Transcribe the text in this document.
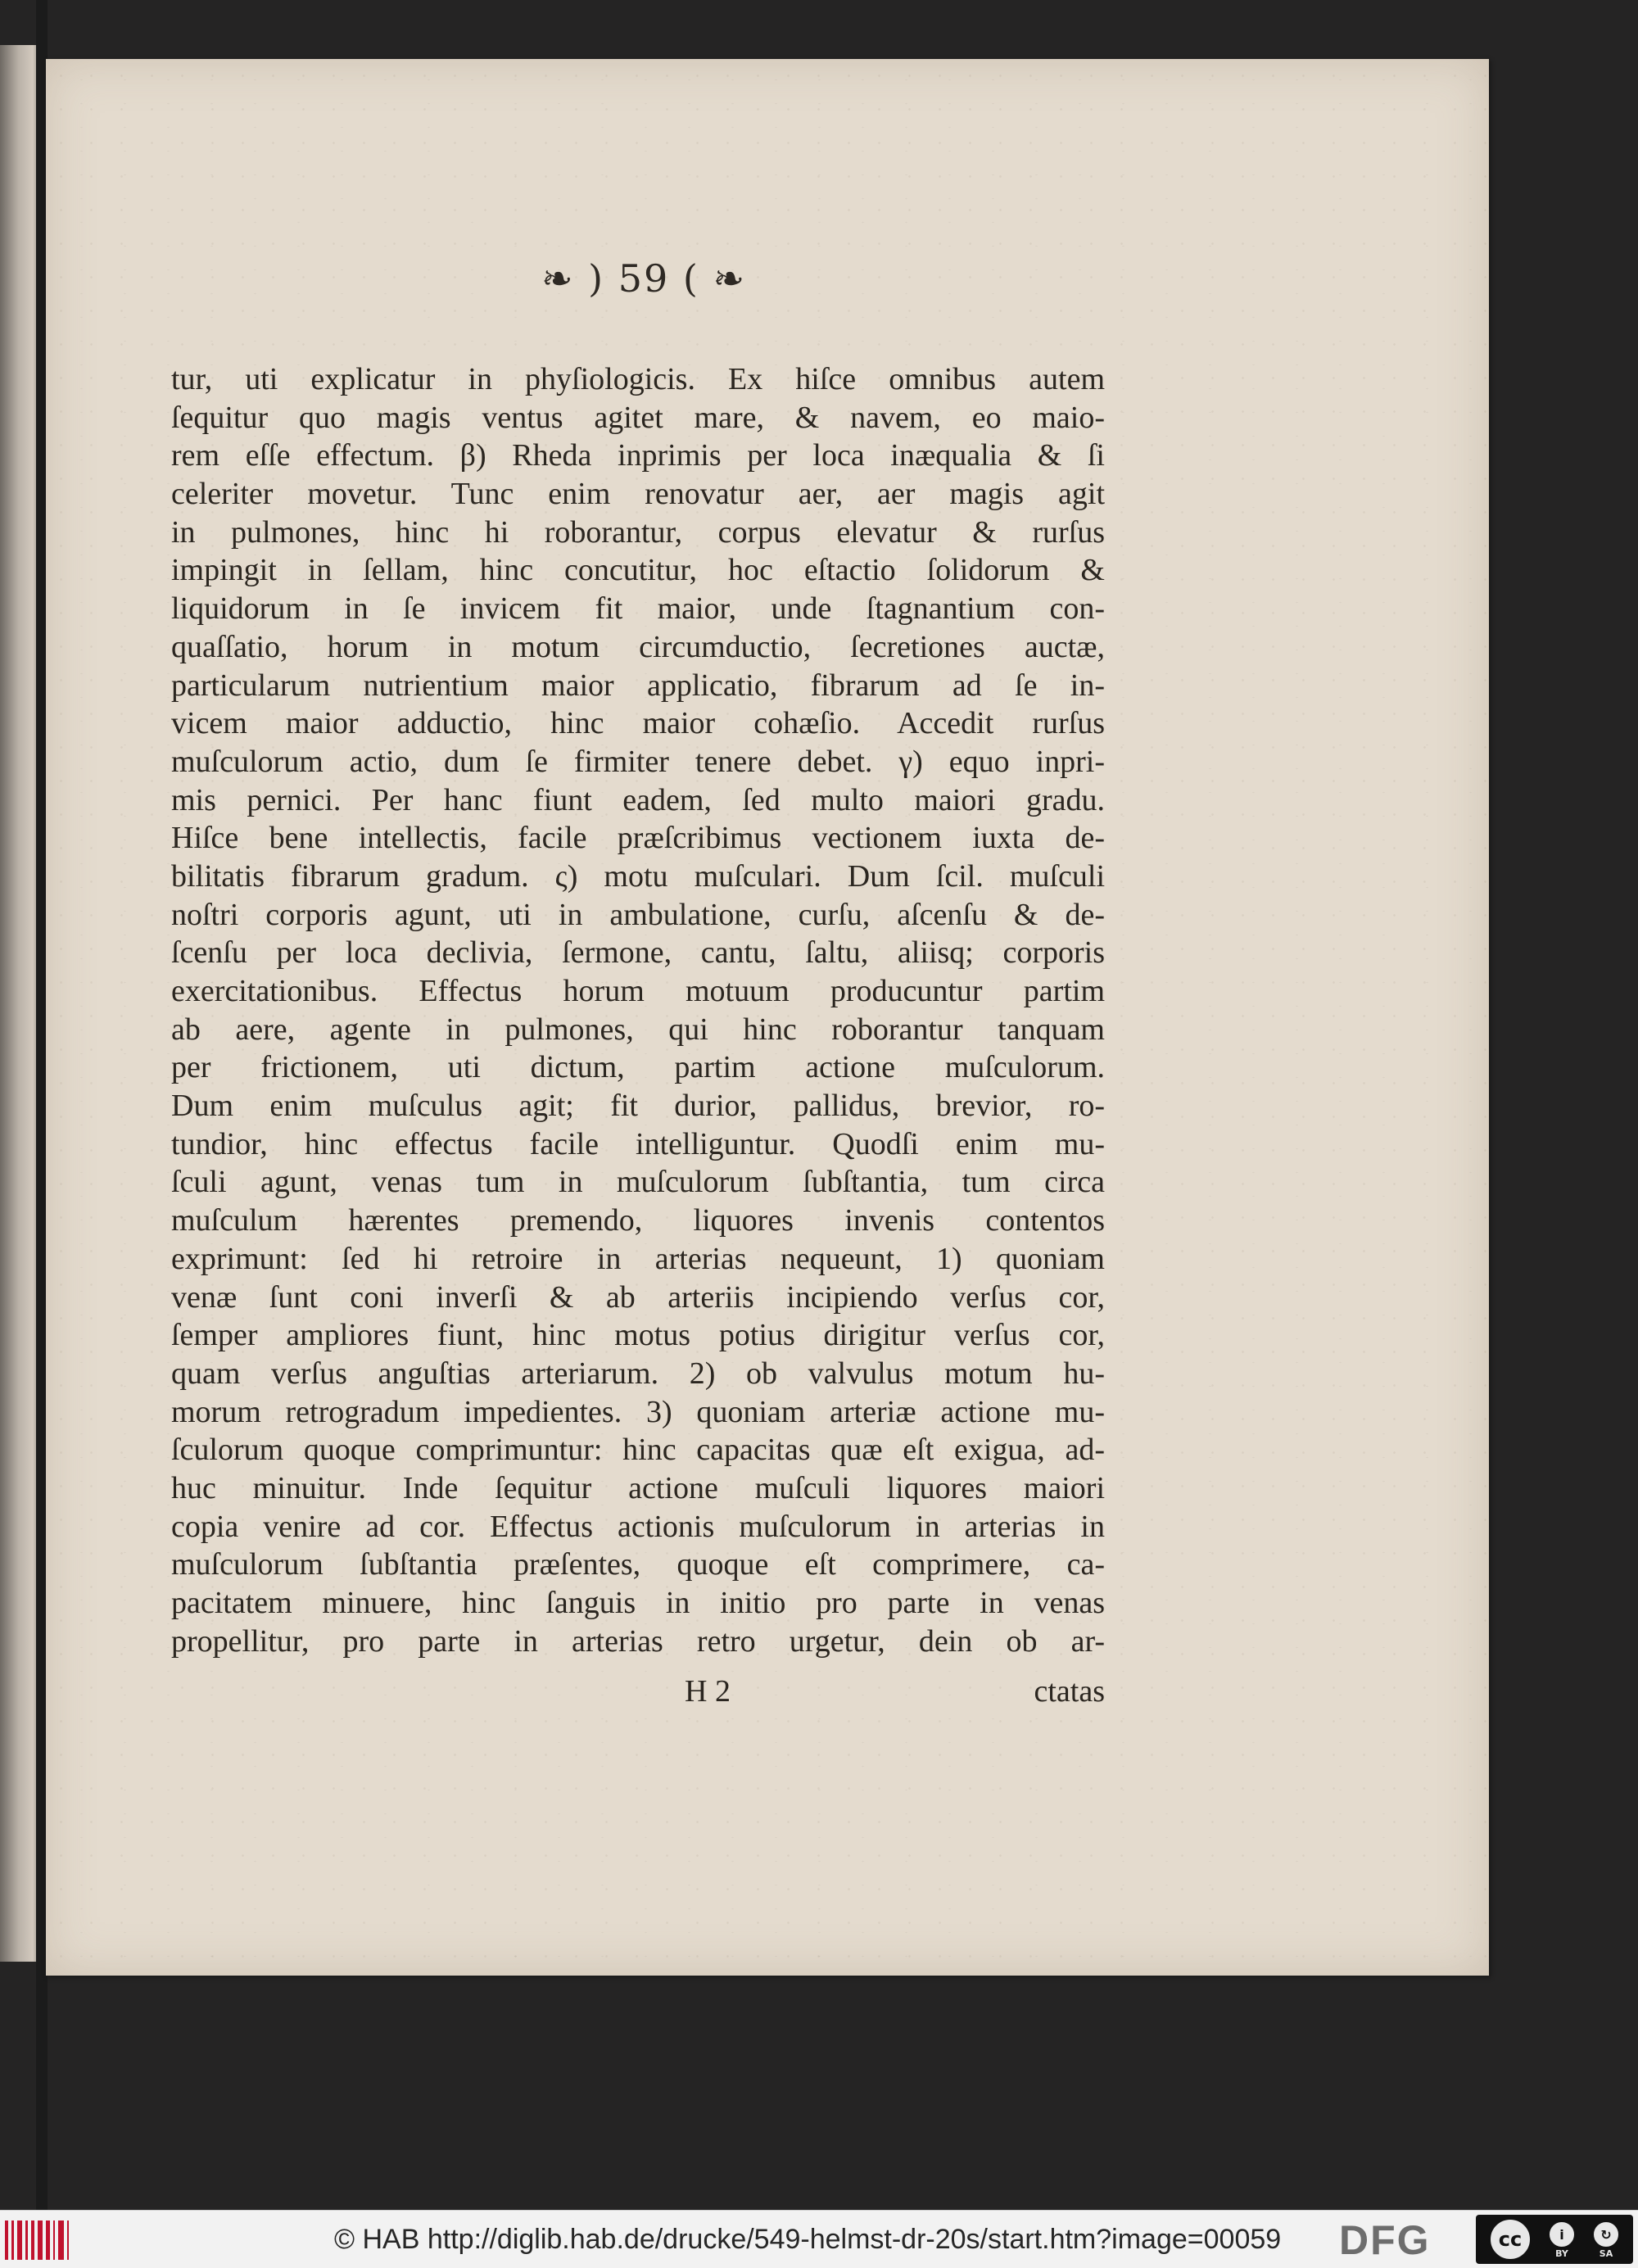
❧ ) 59 ( ❧
tur, uti explicatur in phyſiologicis. Ex hiſce omnibus autem
ſequitur quo magis ventus agitet mare, & navem, eo maio-
rem eſſe effectum. β) Rheda inprimis per loca inæqualia & ſi
celeriter movetur. Tunc enim renovatur aer, aer magis agit
in pulmones, hinc hi roborantur, corpus elevatur & rurſus
impingit in ſellam, hinc concutitur, hoc eſtactio ſolidorum &
liquidorum in ſe invicem fit maior, unde ſtagnantium con-
quaſſatio, horum in motum circumductio, ſecretiones auctæ,
particularum nutrientium maior applicatio, fibrarum ad ſe in-
vicem maior adductio, hinc maior cohæſio. Accedit rurſus
muſculorum actio, dum ſe firmiter tenere debet. γ) equo inpri-
mis pernici. Per hanc fiunt eadem, ſed multo maiori gradu.
Hiſce bene intellectis, facile præſcribimus vectionem iuxta de-
bilitatis fibrarum gradum. ς) motu muſculari. Dum ſcil. muſculi
noſtri corporis agunt, uti in ambulatione, curſu, aſcenſu & de-
ſcenſu per loca declivia, ſermone, cantu, ſaltu, aliisq; corporis
exercitationibus. Effectus horum motuum producuntur partim
ab aere, agente in pulmones, qui hinc roborantur tanquam
per frictionem, uti dictum, partim actione muſculorum.
Dum enim muſculus agit; fit durior, pallidus, brevior, ro-
tundior, hinc effectus facile intelliguntur. Quodſi enim mu-
ſculi agunt, venas tum in muſculorum ſubſtantia, tum circa
muſculum hærentes premendo, liquores invenis contentos
exprimunt: ſed hi retroire in arterias nequeunt, 1) quoniam
venæ ſunt coni inverſi & ab arteriis incipiendo verſus cor,
ſemper ampliores fiunt, hinc motus potius dirigitur verſus cor,
quam verſus anguſtias arteriarum. 2) ob valvulus motum hu-
morum retrogradum impedientes. 3) quoniam arteriæ actione mu-
ſculorum quoque comprimuntur: hinc capacitas quæ eſt exigua, ad-
huc minuitur. Inde ſequitur actione muſculi liquores maiori
copia venire ad cor. Effectus actionis muſculorum in arterias in
muſculorum ſubſtantia præſentes, quoque eſt comprimere, ca-
pacitatem minuere, hinc ſanguis in initio pro parte in venas
propellitur, pro parte in arterias retro urgetur, dein ob ar-
H 2	ctatas
© HAB http://diglib.hab.de/drucke/549-helmst-dr-20s/start.htm?image=00059 DFG	cc	i
BY
↻
SA
